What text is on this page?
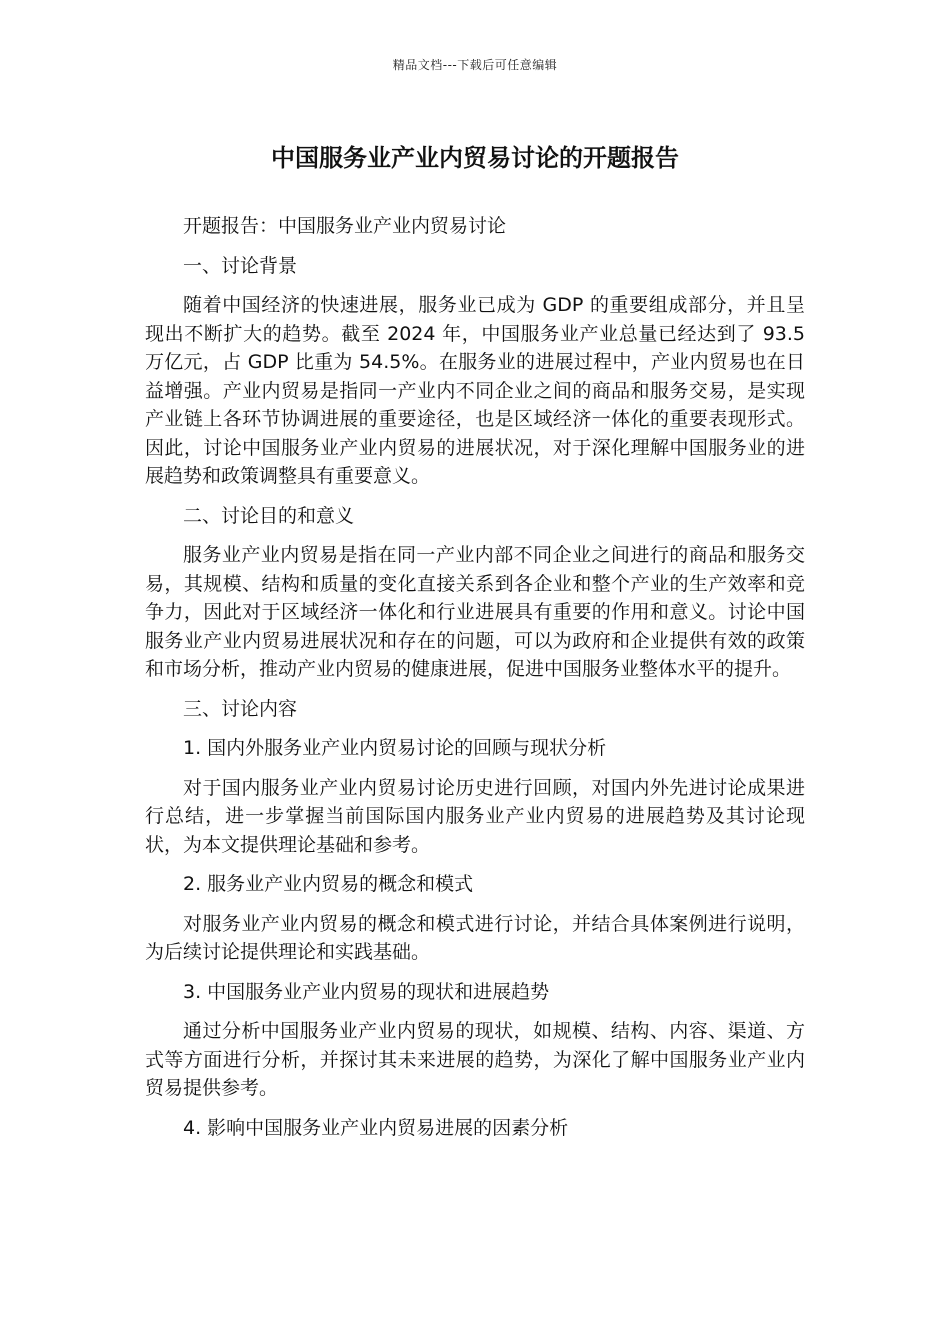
精品文档---下载后可任意编辑
中国服务业产业内贸易讨论的开题报告

开题报告：中国服务业产业内贸易讨论

一、讨论背景

随着中国经济的快速进展，服务业已成为 GDP 的重要组成部分，并且呈现出不断扩大的趋势。截至 2024 年，中国服务业产业总量已经达到了 93.5 万亿元，占 GDP 比重为 54.5%。在服务业的进展过程中，产业内贸易也在日益增强。产业内贸易是指同一产业内不同企业之间的商品和服务交易，是实现产业链上各环节协调进展的重要途径，也是区域经济一体化的重要表现形式。因此，讨论中国服务业产业内贸易的进展状况，对于深化理解中国服务业的进展趋势和政策调整具有重要意义。

二、讨论目的和意义

服务业产业内贸易是指在同一产业内部不同企业之间进行的商品和服务交易，其规模、结构和质量的变化直接关系到各企业和整个产业的生产效率和竞争力，因此对于区域经济一体化和行业进展具有重要的作用和意义。讨论中国服务业产业内贸易进展状况和存在的问题，可以为政府和企业提供有效的政策和市场分析，推动产业内贸易的健康进展，促进中国服务业整体水平的提升。

三、讨论内容

1. 国内外服务业产业内贸易讨论的回顾与现状分析

对于国内服务业产业内贸易讨论历史进行回顾，对国内外先进讨论成果进行总结，进一步掌握当前国际国内服务业产业内贸易的进展趋势及其讨论现状，为本文提供理论基础和参考。

2. 服务业产业内贸易的概念和模式

对服务业产业内贸易的概念和模式进行讨论，并结合具体案例进行说明，为后续讨论提供理论和实践基础。

3. 中国服务业产业内贸易的现状和进展趋势

通过分析中国服务业产业内贸易的现状，如规模、结构、内容、渠道、方式等方面进行分析，并探讨其未来进展的趋势，为深化了解中国服务业产业内贸易提供参考。

4. 影响中国服务业产业内贸易进展的因素分析
